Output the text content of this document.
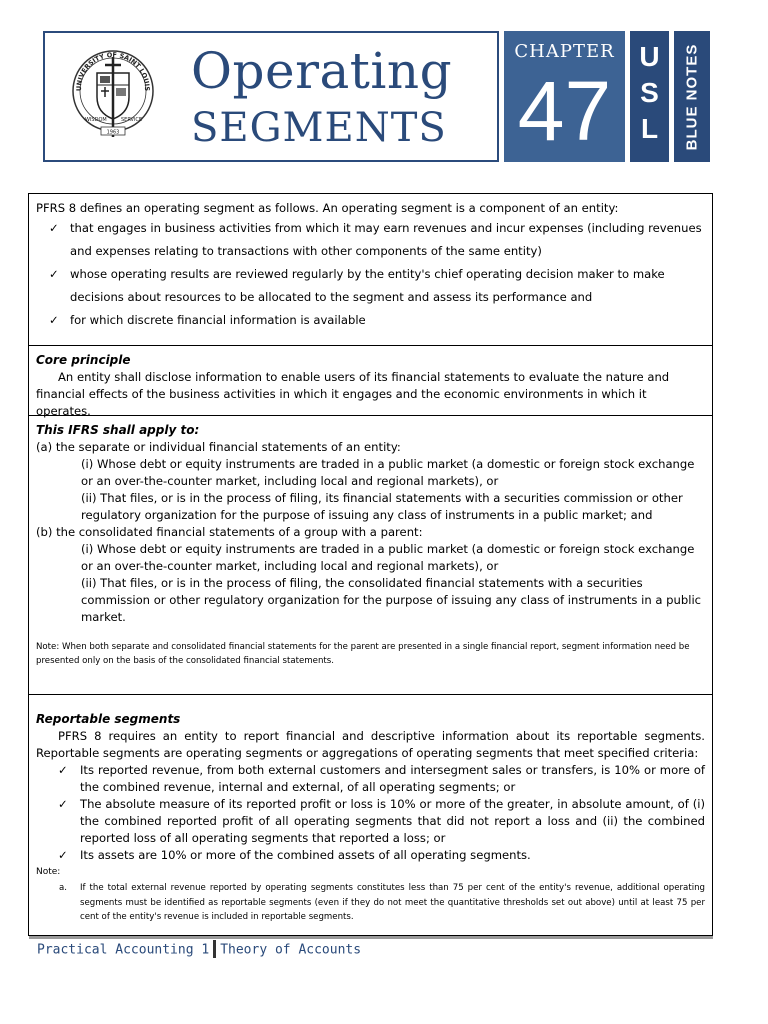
UNIVERSITY OF SAINT LOUIS
WISDOM	SERVICE
1963
Operating
SEGMENTS
CHAPTER
47
U
S
L	BLUE NOTES
PFRS 8 defines an operating segment as follows. An operating segment is a component of an entity:
✓ that engages in business activities from which it may earn revenues and incur expenses (including revenues and expenses relating to transactions with other components of the same entity)
✓ whose operating results are reviewed regularly by the entity's chief operating decision maker to make decisions about resources to be allocated to the segment and assess its performance and
✓ for which discrete financial information is available
Core principle
An entity shall disclose information to enable users of its financial statements to evaluate the nature and financial effects of the business activities in which it engages and the economic environments in which it operates.
This IFRS shall apply to:
(a) the separate or individual financial statements of an entity:
(i) Whose debt or equity instruments are traded in a public market (a domestic or foreign stock exchange or an over-the-counter market, including local and regional markets), or
(ii) That files, or is in the process of filing, its financial statements with a securities commission or other regulatory organization for the purpose of issuing any class of instruments in a public market; and
(b) the consolidated financial statements of a group with a parent:
(i) Whose debt or equity instruments are traded in a public market (a domestic or foreign stock exchange or an over-the-counter market, including local and regional markets), or
(ii) That files, or is in the process of filing, the consolidated financial statements with a securities commission or other regulatory organization for the purpose of issuing any class of instruments in a public market.
Note: When both separate and consolidated financial statements for the parent are presented in a single financial report, segment information need be presented only on the basis of the consolidated financial statements.
Reportable segments
PFRS 8 requires an entity to report financial and descriptive information about its reportable segments. Reportable segments are operating segments or aggregations of operating segments that meet specified criteria:
✓ Its reported revenue, from both external customers and intersegment sales or transfers, is 10% or more of the combined revenue, internal and external, of all operating segments; or
✓ The absolute measure of its reported profit or loss is 10% or more of the greater, in absolute amount, of (i) the combined reported profit of all operating segments that did not report a loss and (ii) the combined reported loss of all operating segments that reported a loss; or
✓ Its assets are 10% or more of the combined assets of all operating segments.
Note:
a. If the total external revenue reported by operating segments constitutes less than 75 per cent of the entity's revenue, additional operating segments must be identified as reportable segments (even if they do not meet the quantitative thresholds set out above) until at least 75 per cent of the entity's revenue is included in reportable segments.
Practical Accounting 1 Theory of Accounts
